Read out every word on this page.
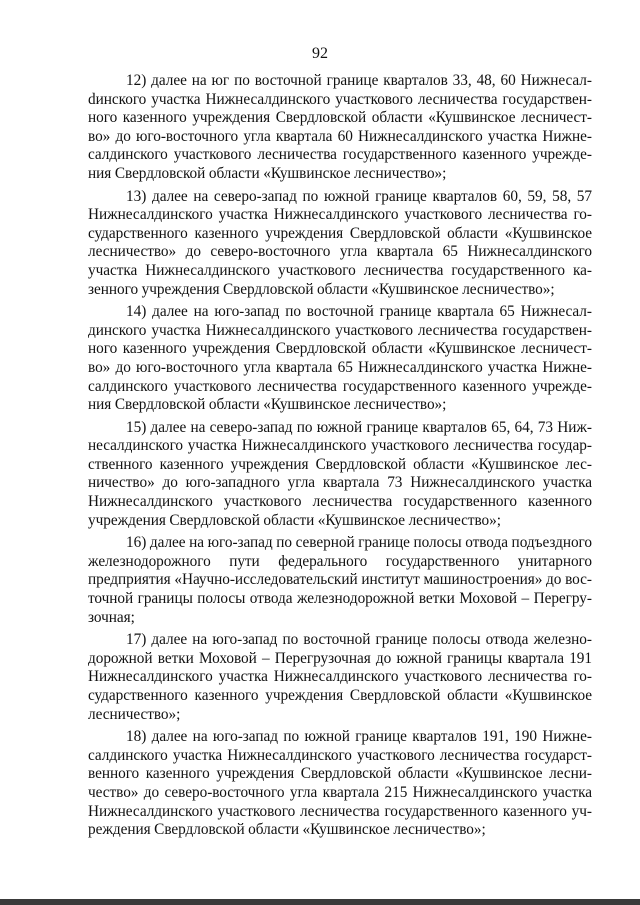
92

12) далее на юг по восточной границе кварталов 33, 48, 60 Нижнесалdинского участка Нижнесалдинского участкового лесничества государственного казенного учреждения Свердловской области «Кушвинское лесничество» до юго-восточного угла квартала 60 Нижнесалдинского участка Нижнесалдинского участкового лесничества государственного казенного учреждения Свердловской области «Кушвинское лесничество»;

13) далее на северо-запад по южной границе кварталов 60, 59, 58, 57 Нижнесалдинского участка Нижнесалдинского участкового лесничества государственного казенного учреждения Свердловской области «Кушвинское лесничество» до северо-восточного угла квартала 65 Нижнесалдинского участка Нижнесалдинского участкового лесничества государственного казенного учреждения Свердловской области «Кушвинское лесничество»;

14) далее на юго-запад по восточной границе квартала 65 Нижнесалдинского участка Нижнесалдинского участкового лесничества государственного казенного учреждения Свердловской области «Кушвинское лесничество» до юго-восточного угла квартала 65 Нижнесалдинского участка Нижнесалдинского участкового лесничества государственного казенного учреждения Свердловской области «Кушвинское лесничество»;

15) далее на северо-запад по южной границе кварталов 65, 64, 73 Нижнесалдинского участка Нижнесалдинского участкового лесничества государственного казенного учреждения Свердловской области «Кушвинское лесничество» до юго-западного угла квартала 73 Нижнесалдинского участка Нижнесалдинского участкового лесничества государственного казенного учреждения Свердловской области «Кушвинское лесничество»;

16) далее на юго-запад по северной границе полосы отвода подъездного железнодорожного пути федерального государственного унитарного предприятия «Научно-исследовательский институт машиностроения» до восточной границы полосы отвода железнодорожной ветки Моховой – Перегрузочная;

17) далее на юго-запад по восточной границе полосы отвода железнодорожной ветки Моховой – Перегрузочная до южной границы квартала 191 Нижнесалдинского участка Нижнесалдинского участкового лесничества государственного казенного учреждения Свердловской области «Кушвинское лесничество»;

18) далее на юго-запад по южной границе кварталов 191, 190 Нижнесалдинского участка Нижнесалдинского участкового лесничества государственного казенного учреждения Свердловской области «Кушвинское лесничество» до северо-восточного угла квартала 215 Нижнесалдинского участка Нижнесалдинского участкового лесничества государственного казенного учреждения Свердловской области «Кушвинское лесничество»;
